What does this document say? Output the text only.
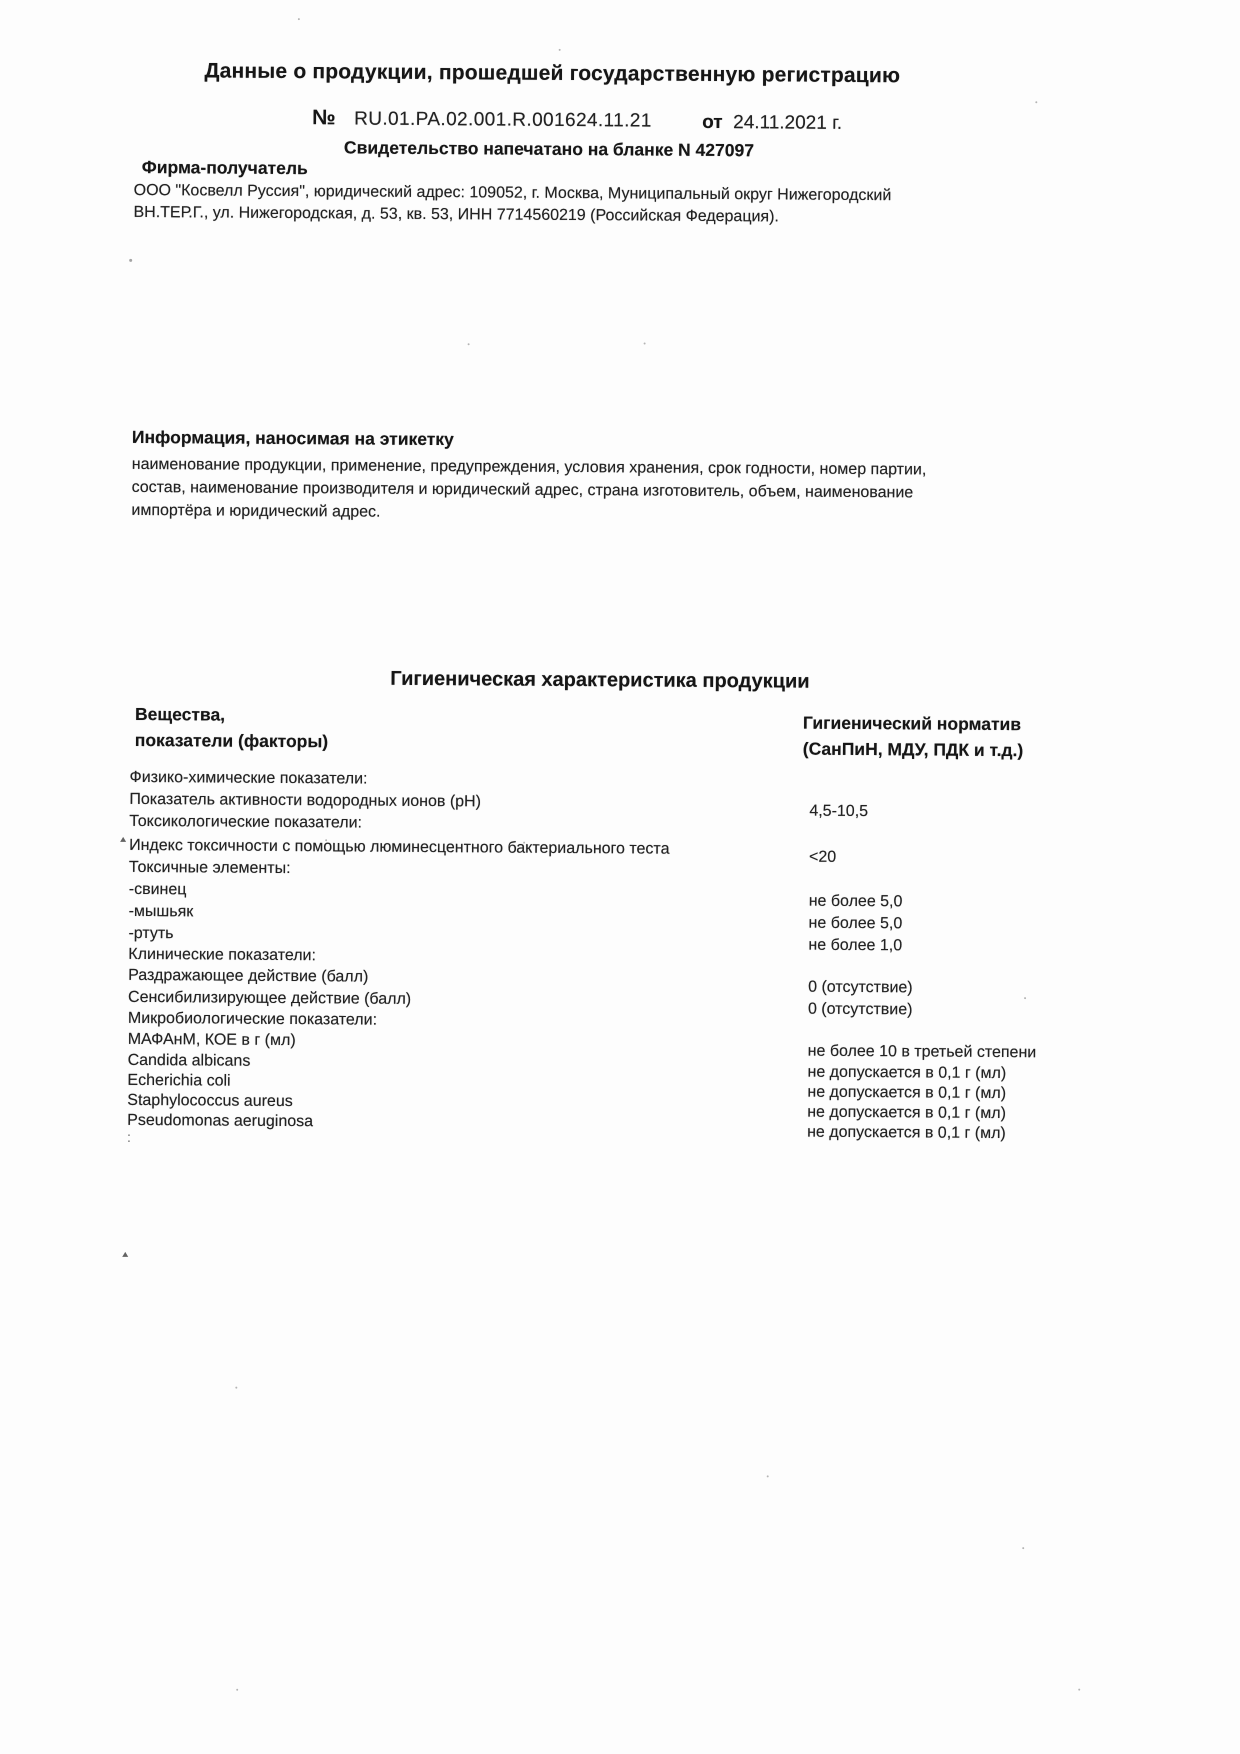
Данные о продукции, прошедшей государственную регистрацию
№ RU.01.PA.02.001.R.001624.11.21	от 24.11.2021 г.
Свидетельство напечатано на бланке N 427097
Фирма-получатель
ООО "Косвелл Руссия", юридический адрес: 109052, г. Москва, Муниципальный округ Нижегородский ВН.ТЕР.Г., ул. Нижегородская, д. 53, кв. 53, ИНН 7714560219 (Российская Федерация).
Информация, наносимая на этикетку
наименование продукции, применение, предупреждения, условия хранения, срок годности, номер партии, состав, наименование производителя и юридический адрес, страна изготовитель, объем, наименование импортёра и юридический адрес.
Гигиеническая характеристика продукции
Вещества,
показатели (факторы)
Гигиенический норматив
(СанПиН, МДУ, ПДК и т.д.)
Физико-химические показатели:
Показатель активности водородных ионов (pH)
4,5-10,5
Токсикологические показатели:
Индекс токсичности с помощью люминесцентного бактериального теста	<20
Токсичные элементы:
-свинец
не более 5,0
-мышьяк
не более 5,0
-ртуть
не более 1,0
Клинические показатели:
Раздражающее действие (балл)
0 (отсутствие)
Сенсибилизирующее действие (балл)
0 (отсутствие)
Микробиологические показатели:
МАФАнМ, КОЕ в г (мл)
не более 10 в третьей степени
Candida albicans
не допускается в 0,1 г (мл)
Echerichia coli
не допускается в 0,1 г (мл)
Staphylococcus aureus
не допускается в 0,1 г (мл)
Pseudomonas aeruginosa
не допускается в 0,1 г (мл)
:
